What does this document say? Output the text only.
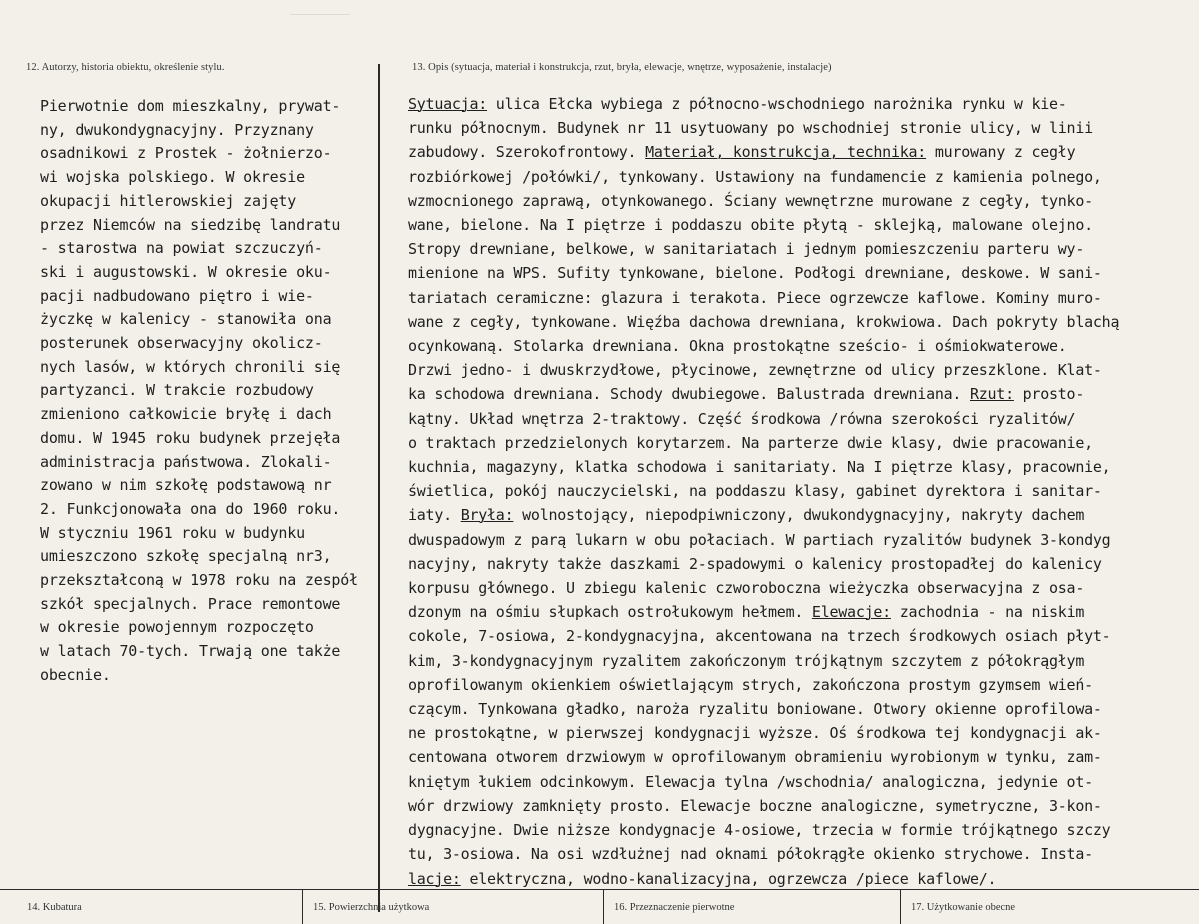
12. Autorzy, historia obiektu, określenie stylu.	13. Opis (sytuacja, materiał i konstrukcja, rzut, bryła, elewacje, wnętrze, wyposażenie, instalacje)
Pierwotnie dom mieszkalny, prywat-
ny, dwukondygnacyjny. Przyznany
osadnikowi z Prostek - żołnierzo-
wi wojska polskiego. W okresie
okupacji hitlerowskiej zajęty
przez Niemców na siedzibę landratu
- starostwa na powiat szczuczyń-
ski i augustowski. W okresie oku-
pacji nadbudowano piętro i wie-
życzkę w kalenicy - stanowiła ona
posterunek obserwacyjny okolicz-
nych lasów, w których chronili się
partyzanci. W trakcie rozbudowy
zmieniono całkowicie bryłę i dach
domu. W 1945 roku budynek przejęła
administracja państwowa. Zlokali-
zowano w nim szkołę podstawową nr
2. Funkcjonowała ona do 1960 roku.
W styczniu 1961 roku w budynku
umieszczono szkołę specjalną nr3,
przekształconą w 1978 roku na zespół
szkół specjalnych. Prace remontowe
w okresie powojennym rozpoczęto
w latach 70-tych. Trwają one także
obecnie.
Sytuacja: ulica Ełcka wybiega z północno-wschodniego narożnika rynku w kie-
runku północnym. Budynek nr 11 usytuowany po wschodniej stronie ulicy, w linii
zabudowy. Szerokofrontowy. Materiał, konstrukcja, technika: murowany z cegły
rozbiórkowej /połówki/, tynkowany. Ustawiony na fundamencie z kamienia polnego,
wzmocnionego zaprawą, otynkowanego. Ściany wewnętrzne murowane z cegły, tynko-
wane, bielone. Na I piętrze i poddaszu obite płytą - sklejką, malowane olejno.
Stropy drewniane, belkowe, w sanitariatach i jednym pomieszczeniu parteru wy-
mienione na WPS. Sufity tynkowane, bielone. Podłogi drewniane, deskowe. W sani-
tariatach ceramiczne: glazura i terakota. Piece ogrzewcze kaflowe. Kominy muro-
wane z cegły, tynkowane. Więźba dachowa drewniana, krokwiowa. Dach pokryty blachą
ocynkowaną. Stolarka drewniana. Okna prostokątne sześcio- i ośmiokwaterowe.
Drzwi jedno- i dwuskrzydłowe, płycinowe, zewnętrzne od ulicy przeszklone. Klat-
ka schodowa drewniana. Schody dwubiegowe. Balustrada drewniana. Rzut: prosto-
kątny. Układ wnętrza 2-traktowy. Część środkowa /równa szerokości ryzalitów/
o traktach przedzielonych korytarzem. Na parterze dwie klasy, dwie pracowanie,
kuchnia, magazyny, klatka schodowa i sanitariaty. Na I piętrze klasy, pracownie,
świetlica, pokój nauczycielski, na poddaszu klasy, gabinet dyrektora i sanitar-
iaty. Bryła: wolnostojący, niepodpiwniczony, dwukondygnacyjny, nakryty dachem
dwuspadowym z parą lukarn w obu połaciach. W partiach ryzalitów budynek 3-kondyg
nacyjny, nakryty także daszkami 2-spadowymi o kalenicy prostopadłej do kalenicy
korpusu głównego. U zbiegu kalenic czworoboczna wieżyczka obserwacyjna z osa-
dzonym na ośmiu słupkach ostrołukowym hełmem. Elewacje: zachodnia - na niskim
cokole, 7-osiowa, 2-kondygnacyjna, akcentowana na trzech środkowych osiach płyt-
kim, 3-kondygnacyjnym ryzalitem zakończonym trójkątnym szczytem z półokrągłym
oprofilowanym okienkiem oświetlającym strych, zakończona prostym gzymsem wień-
czącym. Tynkowana gładko, naroża ryzalitu boniowane. Otwory okienne oprofilowa-
ne prostokątne, w pierwszej kondygnacji wyższe. Oś środkowa tej kondygnacji ak-
centowana otworem drzwiowym w oprofilowanym obramieniu wyrobionym w tynku, zam-
kniętym łukiem odcinkowym. Elewacja tylna /wschodnia/ analogiczna, jedynie ot-
wór drzwiowy zamknięty prosto. Elewacje boczne analogiczne, symetryczne, 3-kon-
dygnacyjne. Dwie niższe kondygnacje 4-osiowe, trzecia w formie trójkątnego szczy
tu, 3-osiowa. Na osi wzdłużnej nad oknami półokrągłe okienko strychowe. Insta-
lacje: elektryczna, wodno-kanalizacyjna, ogrzewcza /piece kaflowe/.
14. Kubatura	15. Powierzchnia użytkowa	16. Przeznaczenie pierwotne	17. Użytkowanie obecne
